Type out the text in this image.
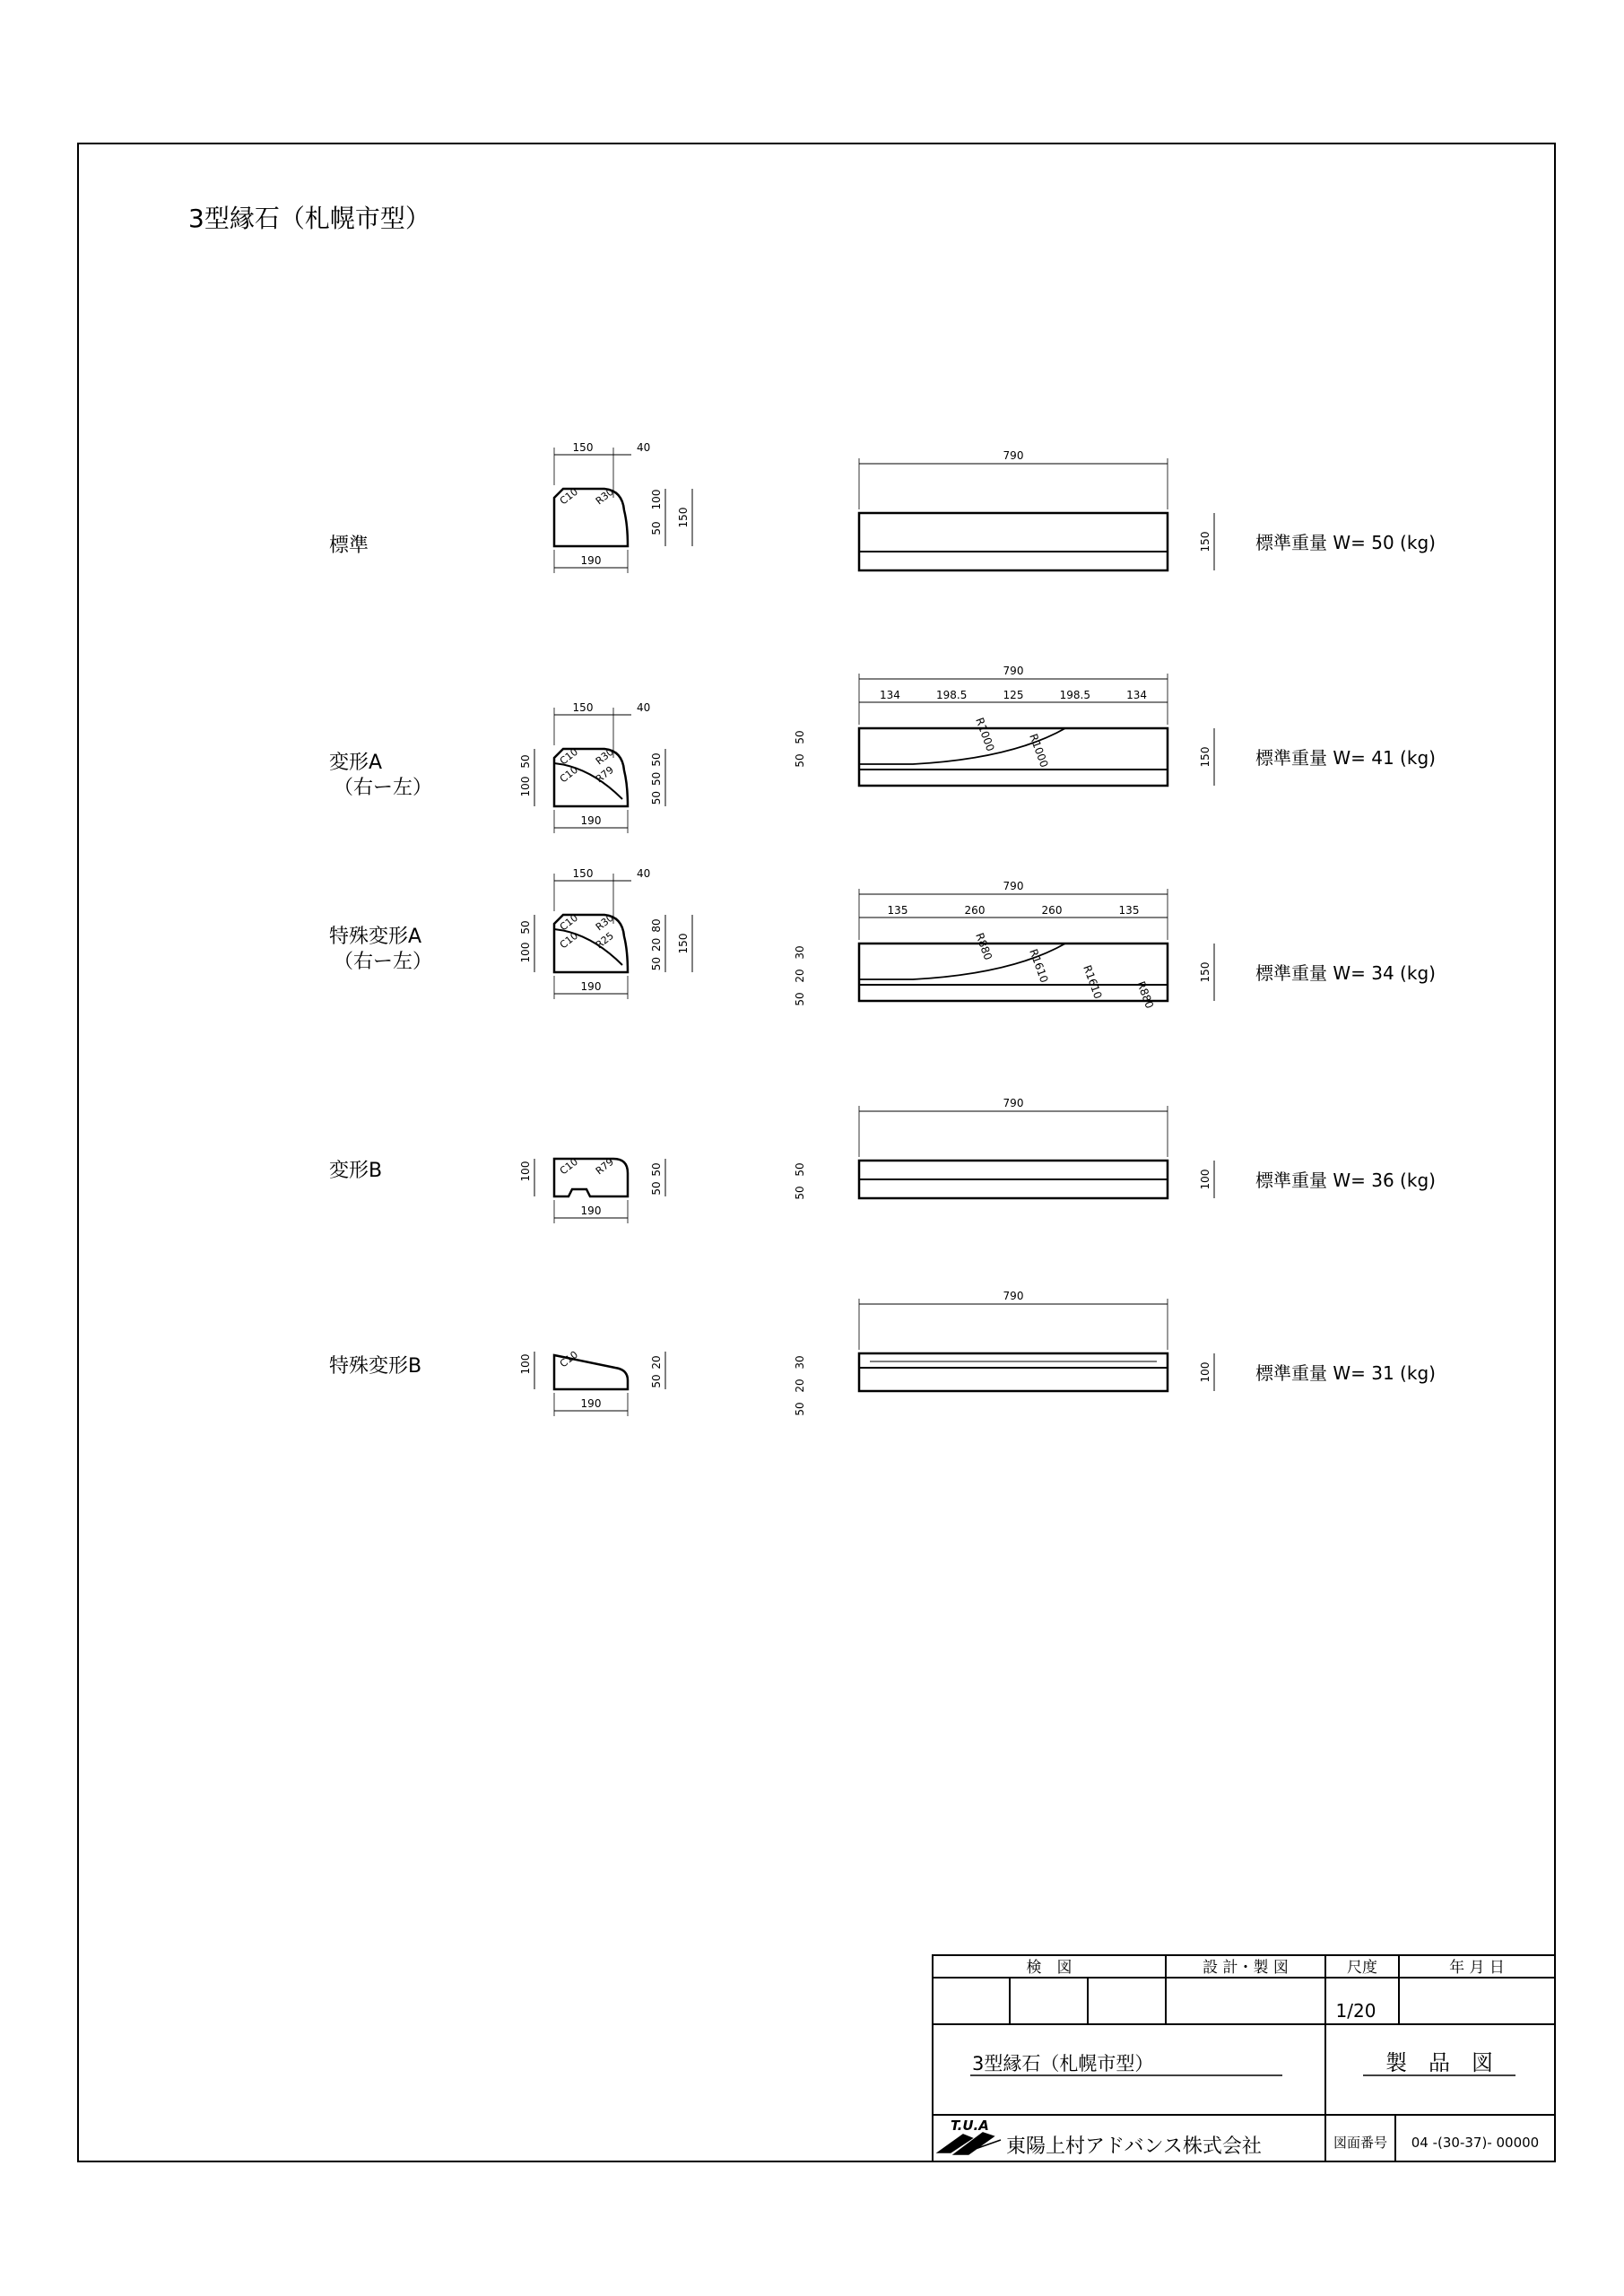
3型縁石（札幌市型）
標準
C10 R30
150	40
190
100
50
150
790
150 標準重量 W= 50 (kg)
変形A
（右ー左）
C10 R30
C10 R79
150	40
190
50
100
50
50
50
790
134	198.5	125	198.5	134
R1000	R1000
50
50	150 標準重量 W= 41 (kg)
特殊変形A
（右ー左）
C10 R30
C10 R25
150	40
190
50
100
80
20
50
150
790
135	260	260	135
R880
R1610	R1610	R880
30
20
50
150 標準重量 W= 34 (kg)
変形B	C10 R79
190
100	50
50
790
50
50
100 標準重量 W= 36 (kg)
特殊変形B	C10
190
100	20
50
790
30
20
50
100 標準重量 W= 31 (kg)
検　図	設 計・製 図	尺度	年 月 日
1/20
3型縁石（札幌市型）	製　品　図
T.U.A
東陽上村アドバンス株式会社	図面番号 04 -(30-37)- 00000
